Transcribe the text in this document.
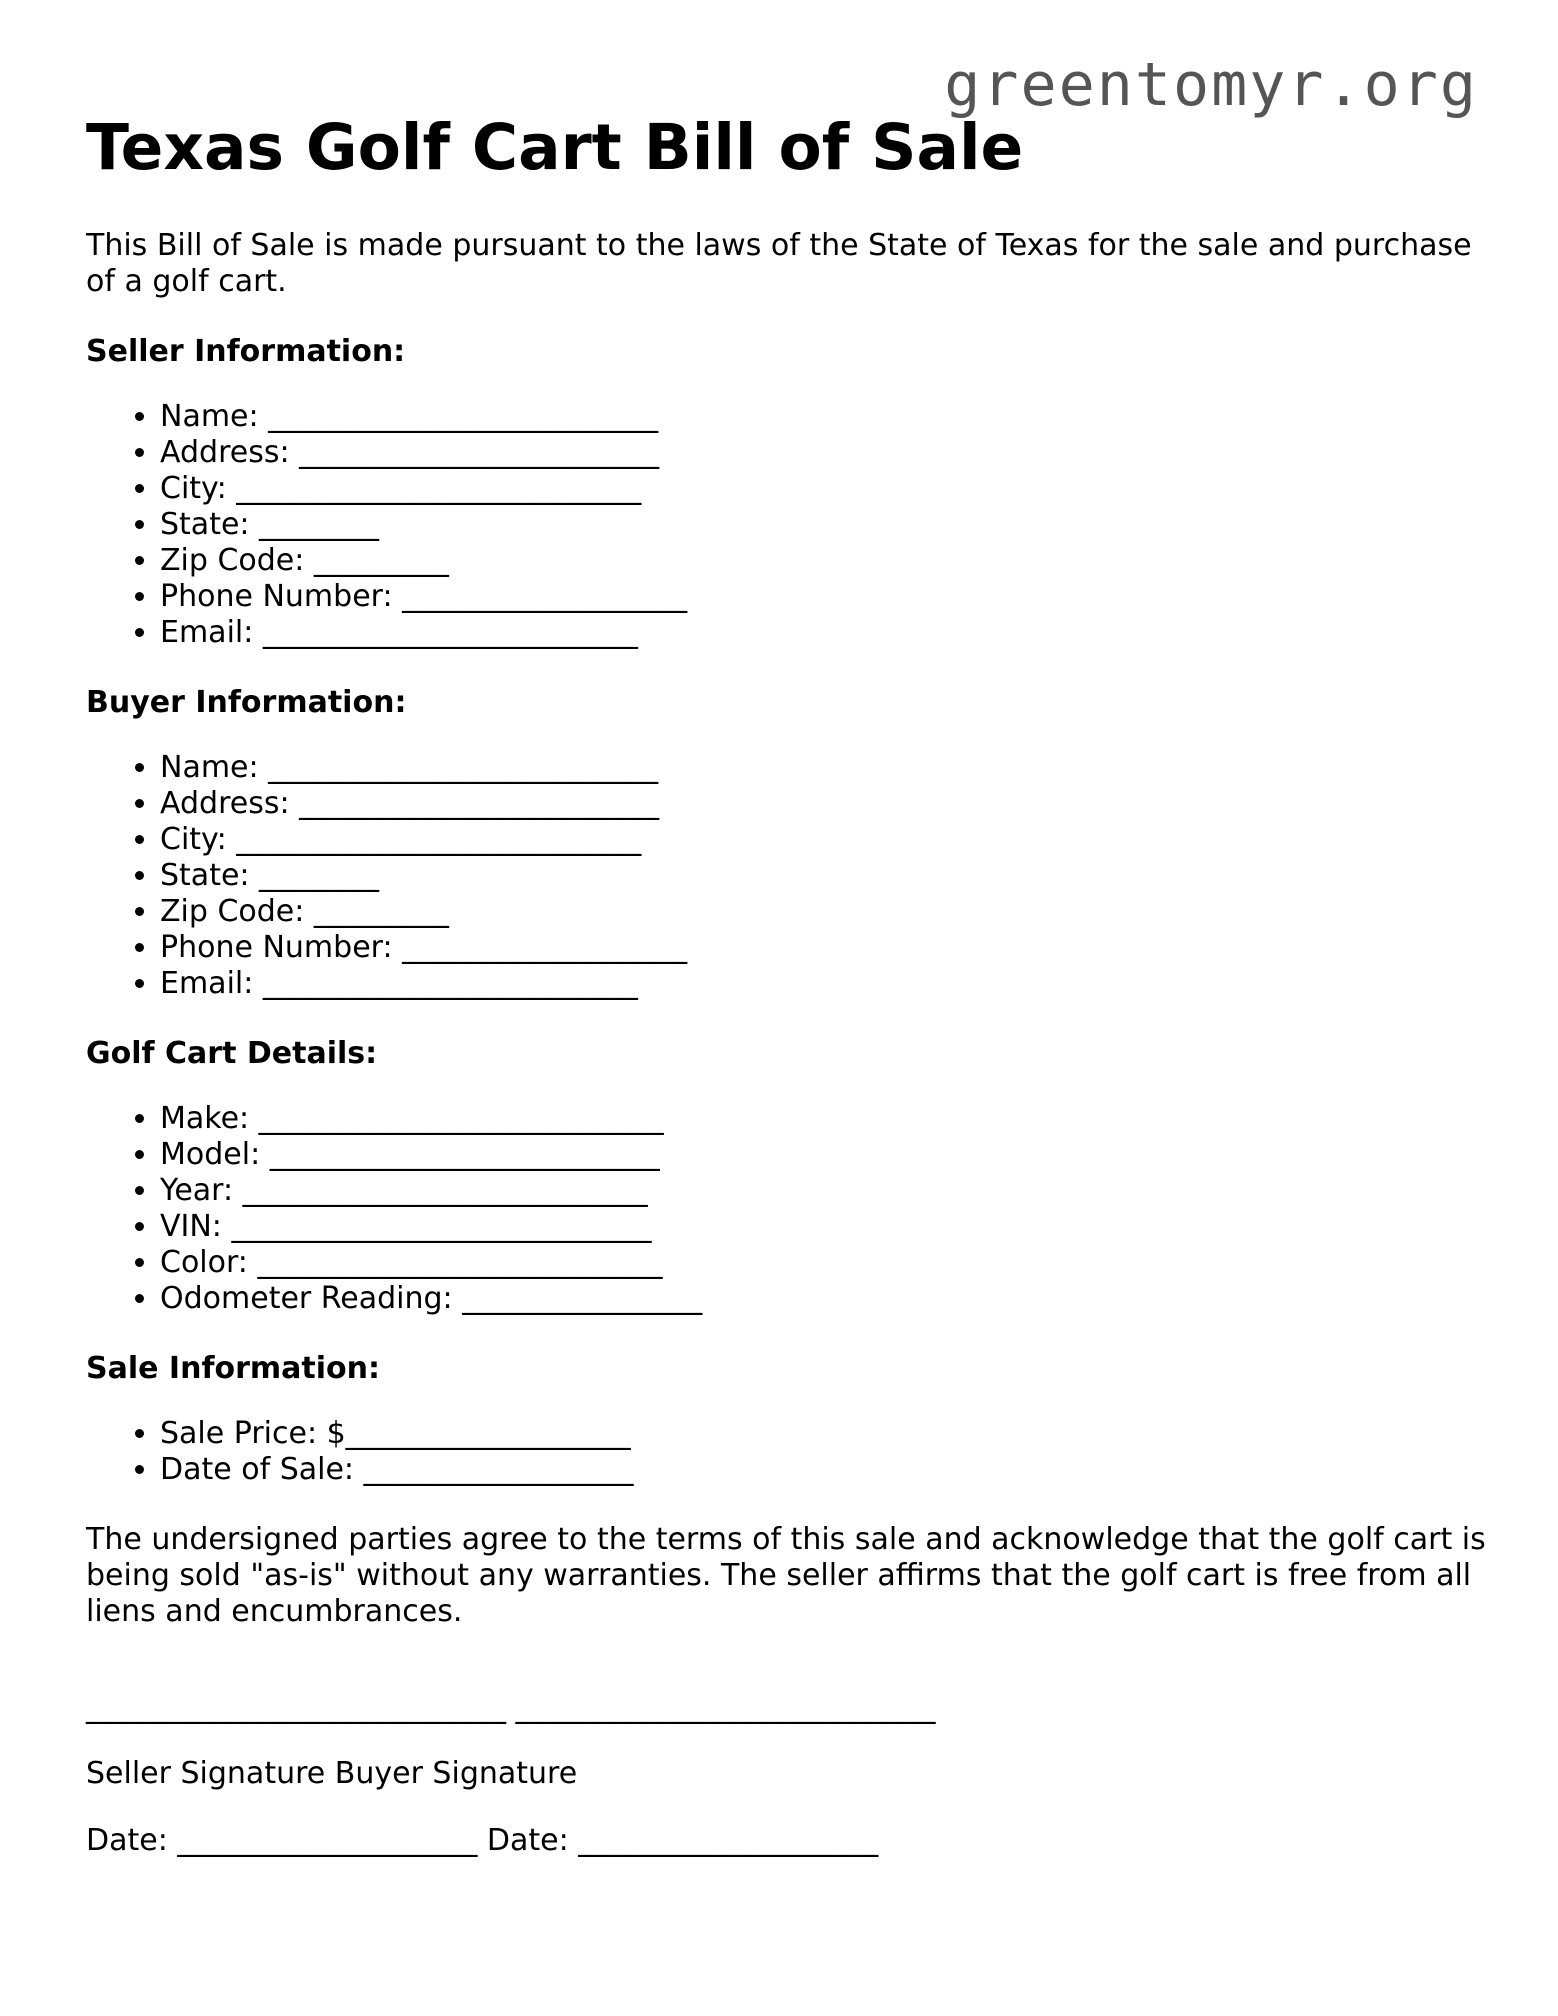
greentomyr.org
Texas Golf Cart Bill of Sale

This Bill of Sale is made pursuant to the laws of the State of Texas for the sale and purchase of a golf cart.

Seller Information:
• Name: __________________________
• Address: ________________________
• City: ___________________________
• State: ________
• Zip Code: _________
• Phone Number: ___________________
• Email: _________________________
Buyer Information:
• Name: __________________________
• Address: ________________________
• City: ___________________________
• State: ________
• Zip Code: _________
• Phone Number: ___________________
• Email: _________________________
Golf Cart Details:
• Make: ___________________________
• Model: __________________________
• Year: ___________________________
• VIN: ____________________________
• Color: ___________________________
• Odometer Reading: ________________
Sale Information:
• Sale Price: $___________________
• Date of Sale: __________________

The undersigned parties agree to the terms of this sale and acknowledge that the golf cart is being sold "as-is" without any warranties. The seller affirms that the golf cart is free from all liens and encumbrances.

____________________________ ____________________________

Seller Signature Buyer Signature

Date: ____________________ Date: ____________________
